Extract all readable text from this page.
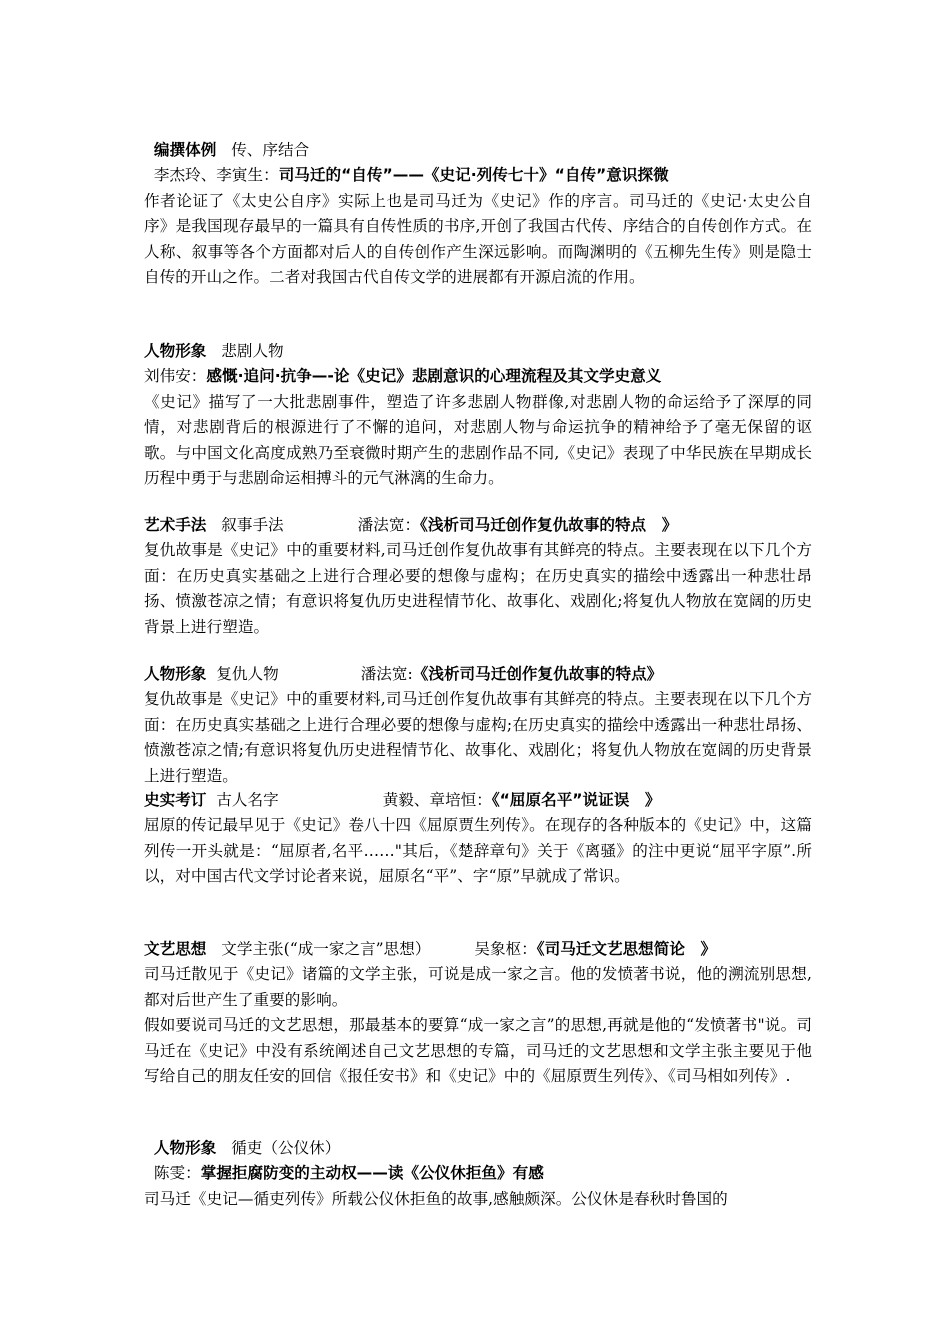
编撰体例 传、序结合
李杰玲、李寅生：司马迁的“自传”——《史记·列传七十》“自传”意识探微
作者论证了《太史公自序》实际上也是司马迁为《史记》作的序言。司马迁的《史记·太史公自序》是我国现存最早的一篇具有自传性质的书序,开创了我国古代传、序结合的自传创作方式。在人称、叙事等各个方面都对后人的自传创作产生深远影响。而陶渊明的《五柳先生传》则是隐士自传的开山之作。二者对我国古代自传文学的进展都有开源启流的作用。
人物形象 悲剧人物
刘伟安：感慨·追问·抗争—-论《史记》悲剧意识的心理流程及其文学史意义
《史记》描写了一大批悲剧事件，塑造了许多悲剧人物群像,对悲剧人物的命运给予了深厚的同情，对悲剧背后的根源进行了不懈的追问，对悲剧人物与命运抗争的精神给予了毫无保留的讴歌。与中国文化高度成熟乃至衰微时期产生的悲剧作品不同,《史记》表现了中华民族在早期成长历程中勇于与悲剧命运相搏斗的元气淋漓的生命力。
艺术手法 叙事手法	潘法宽：《浅析司马迁创作复仇故事的特点　》
复仇故事是《史记》中的重要材料,司马迁创作复仇故事有其鲜亮的特点。主要表现在以下几个方面：在历史真实基础之上进行合理必要的想像与虚构；在历史真实的描绘中透露出一种悲壮昂扬、愤激苍凉之情；有意识将复仇历史进程情节化、故事化、戏剧化;将复仇人物放在宽阔的历史背景上进行塑造。
人物形象 复仇人物	潘法宽:《浅析司马迁创作复仇故事的特点》
复仇故事是《史记》中的重要材料,司马迁创作复仇故事有其鲜亮的特点。主要表现在以下几个方面：在历史真实基础之上进行合理必要的想像与虚构;在历史真实的描绘中透露出一种悲壮昂扬、愤激苍凉之情;有意识将复仇历史进程情节化、故事化、戏剧化；将复仇人物放在宽阔的历史背景上进行塑造。
史实考订 古人名字	黄毅、章培恒：《“屈原名平”说证误　》
屈原的传记最早见于《史记》卷八十四《屈原贾生列传》。在现存的各种版本的《史记》中，这篇列传一开头就是：“屈原者,名平……"其后，《楚辞章句》关于《离骚》的注中更说“屈平字原”.所以，对中国古代文学讨论者来说，屈原名“平”、字“原”早就成了常识。
文艺思想 文学主张(“成一家之言”思想）	吴象枢：《司马迁文艺思想简论　》
司马迁散见于《史记》诸篇的文学主张，可说是成一家之言。他的发愤著书说，他的溯流别思想,都对后世产生了重要的影响。
假如要说司马迁的文艺思想，那最基本的要算“成一家之言”的思想,再就是他的“发愤著书"说。司马迁在《史记》中没有系统阐述自己文艺思想的专篇，司马迁的文艺思想和文学主张主要见于他写给自己的朋友任安的回信《报任安书》和《史记》中的《屈原贾生列传》、《司马相如列传》.
人物形象 循吏（公仪休）
陈雯：掌握拒腐防变的主动权——读《公仪休拒鱼》有感
司马迁《史记—循吏列传》所载公仪休拒鱼的故事,感触颇深。公仪休是春秋时鲁国的
